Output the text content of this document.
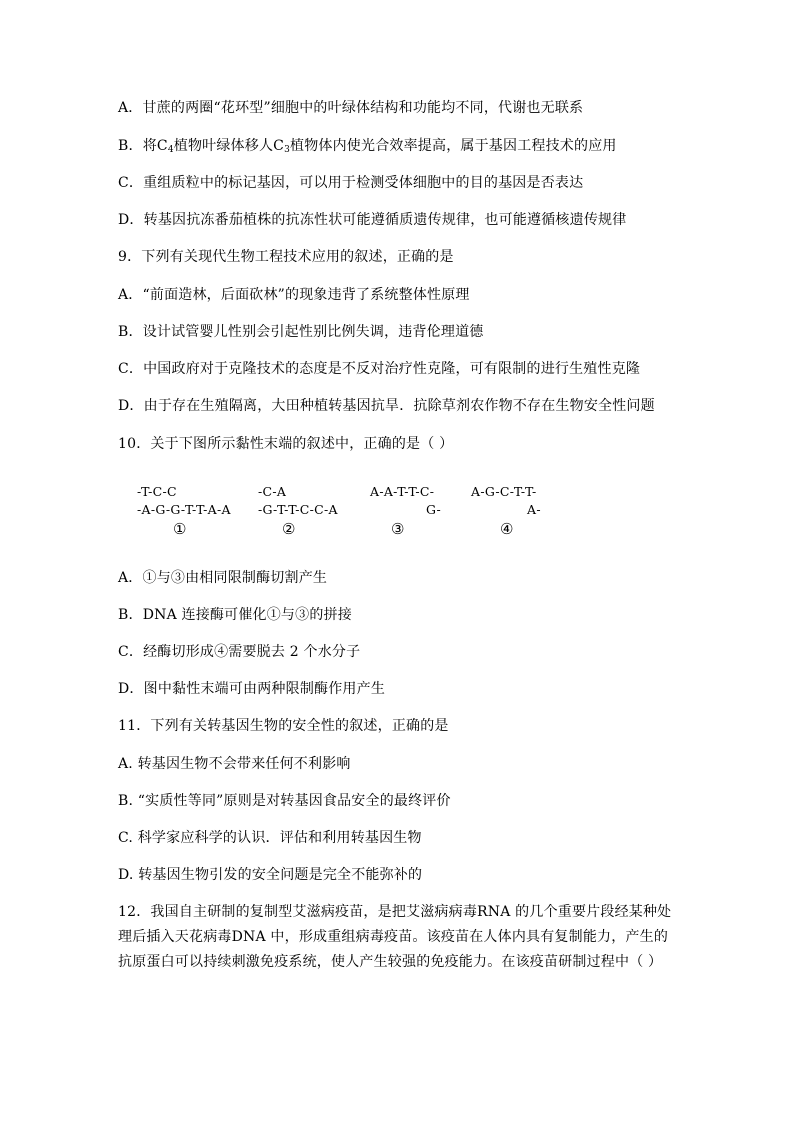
A．甘蔗的两圈“花环型”细胞中的叶绿体结构和功能均不同，代谢也无联系
B．将$C_4$植物叶绿体移人$C_3$植物体内使光合效率提高，属于基因工程技术的应用
C．重组质粒中的标记基因，可以用于检测受体细胞中的目的基因是否表达
D．转基因抗冻番茄植株的抗冻性状可能遵循质遗传规律，也可能遵循核遗传规律
9．下列有关现代生物工程技术应用的叙述，正确的是
A．“前面造林，后面砍林”的现象违背了系统整体性原理
B．设计试管婴儿性别会引起性别比例失调，违背伦理道德
C．中国政府对于克隆技术的态度是不反对治疗性克隆，可有限制的进行生殖性克隆
D．由于存在生殖隔离，大田种植转基因抗旱．抗除草剂农作物不存在生物安全性问题
10．关于下图所示黏性末端的叙述中，正确的是（ ）
-T-C-C
-A-G-G-T-T-A-A
①
-C-A
-G-T-T-C-C-A
②
A-A-T-T-C-
G-
③
A-G-C-T-T-
A-
④
A．①与③由相同限制酶切割产生
B．DNA 连接酶可催化①与③的拼接
C．经酶切形成④需要脱去 2 个水分子
D．图中黏性末端可由两种限制酶作用产生
11．下列有关转基因生物的安全性的叙述，正确的是
A. 转基因生物不会带来任何不利影响
B. “实质性等同”原则是对转基因食品安全的最终评价
C. 科学家应科学的认识．评估和利用转基因生物
D. 转基因生物引发的安全问题是完全不能弥补的
12．我国自主研制的复制型艾滋病疫苗，是把艾滋病病毒RNA 的几个重要片段经某种处理后插入天花病毒DNA 中，形成重组病毒疫苗。该疫苗在人体内具有复制能力，产生的抗原蛋白可以持续刺激免疫系统，使人产生较强的免疫能力。在该疫苗研制过程中（ ）
